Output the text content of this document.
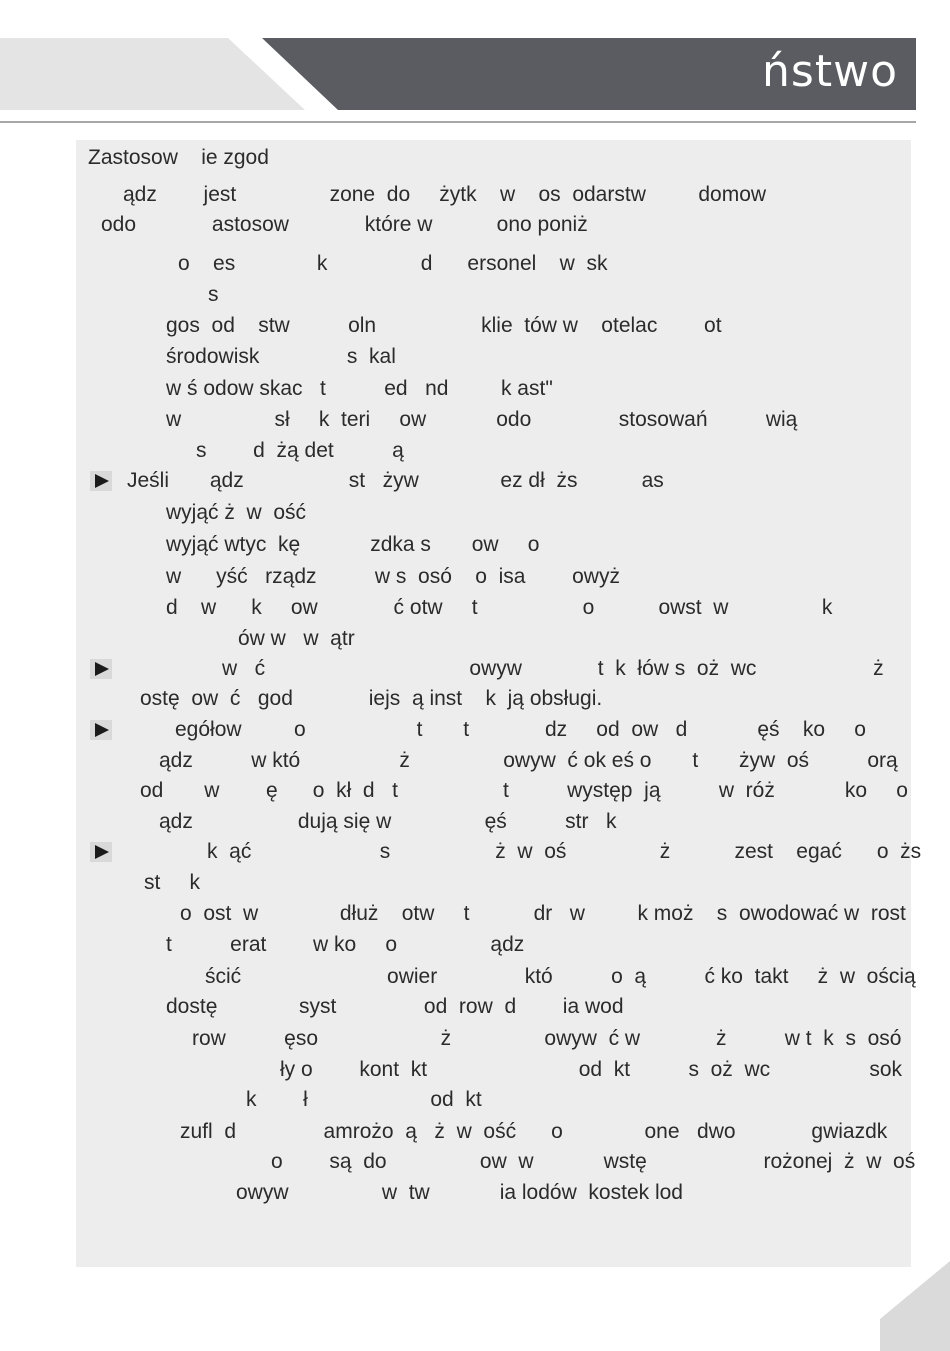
ństwo
Zastosow    ie zgod
ądz        jest                zone  do     żytk    w    os  odarstw         domow
odo             astosow             które w           ono poniż
o    es              k                d      ersonel    w  sk
s
gos  od    stw          oln                  klie  tów w    otelac        ot
środowisk               s  kal
w ś odow skac   t          ed   nd         k ast"
w                sł     k  teri     ow            odo               stosowań          wią
s        d  żą det          ą
Jeśli       ądz                  st   żyw              ez dł  żs           as
wyjąć ż  w  ość
wyjąć wtyc  kę            zdka s       ow     o
w      yść   rządz          w s  osó    o  isa        owyż
d    w      k     ow             ć otw     t                  o           owst  w                k
ów w   w  ątr
w   ć                                   owyw             t  k  łów s  oż  wc                    ż
ostę  ow  ć   god             iejs  ą inst    k  ją obsługi.
egółow         o                   t       t             dz     od  ow   d            ęś    ko     o
ądz          w któ                 ż                owyw  ć ok eś o       t       żyw  oś          orą
od       w        ę      o  kł  d   t                  t          występ  ją          w  róż            ko     o
ądz                  dują się w                ęś          str   k
k  ąć                      s                  ż  w  oś                ż           zest    egać      o  żs
st     k
o  ost  w              dłuż    otw     t           dr   w         k moż    s  owodować w  rost
t          erat        w ko     o                ądz
ścić                         owier               któ          o  ą          ć ko  takt     ż  w  ością
dostę              syst               od  row  d        ia wod
row          ęso                     ż                owyw  ć w             ż          w t  k  s  osó
ły o        kont  kt                          od  kt          s  oż  wc                 sok
k        ł                     od  kt
zufl  d               amrożo  ą   ż  w  ość      o              one   dwo             gwiazdk
o        są  do                ow  w            wstę                    rożonej  ż  w  oś
owyw                w  tw            ia lodów  kostek lod
